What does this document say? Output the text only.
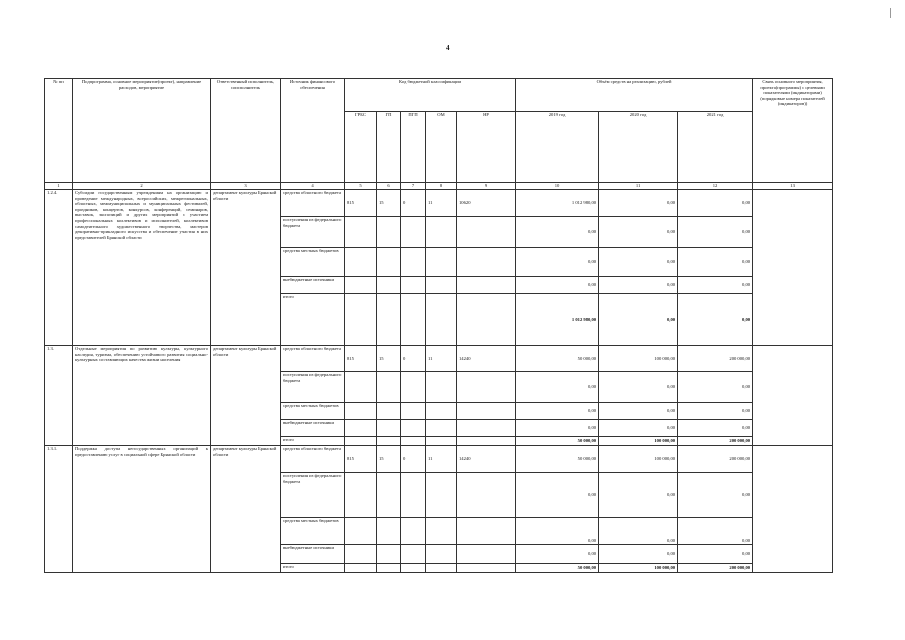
4
№ пп	Подпрограмма, основное мероприятие(проект), направление расходов, мероприятие	Ответственный исполнитель, соисполнитель	Источник финансового обеспечения	Код бюджетной классификации					Объём средств на реализацию, рублей			Связь основного мероприятия, проекта(программы) с целевыми показателями (индикаторами) (порядковые номера показателей (индикаторов))
				ГРБС	ГП	ПГП	ОМ	НР	2019 год	2020 год	2021 год	
1	2	3	4	5	6	7	8	9	10	11	12	13
1.2.4.	Субсидии государственным учреждениям на организацию и проведение международных, всероссийских, межрегиональных, областных, межмуниципальных и муниципальных фестивалей, праздников, концертов, конкурсов, конференций, семинаров, выставок, экспозиций и других мероприятий с участием профессиональных коллективов и исполнителей, коллективов самодеятельного художественного творчества, мастеров декоративно-прикладного искусства и обеспечение участия в них представителей Брянской области	департамент культуры Брянской области	средства областного бюджета	815	15	0	11	10620	1 012 980,00	0,00	0,00	
			поступления из федерального бюджета						0,00	0,00	0,00	
			средства местных бюджетов						0,00	0,00	0,00	
			внебюджетные источники						0,00	0,00	0,00	
			итого						1 012 980,00	0,00	0,00	
1.3.	Отдельные мероприятия по развитию культуры, культурного наследия, туризма, обеспечению устойчивого развития социально-культурных составляющих качества жизни населения	департамент культуры Брянской области	средства областного бюджета	815	15	0	11	14240	50 000,00	100 000,00	200 000,00	
			поступления из федерального бюджета						0,00	0,00	0,00	
			средства местных бюджетов						0,00	0,00	0,00	
			внебюджетные источники						0,00	0,00	0,00	
			итого						50 000,00	100 000,00	200 000,00	
1.3.1.	Поддержка доступа негосударственных организаций к предоставлению услуг в социальной сфере Брянской области	департамент культуры Брянской области	средства областного бюджета	815	15	0	11	14240	50 000,00	100 000,00	200 000,00	
			поступления из федерального бюджета						0,00	0,00	0,00	
			средства местных бюджетов						0,00	0,00	0,00	
			внебюджетные источники						0,00	0,00	0,00	
			итого						50 000,00	100 000,00	200 000,00	
